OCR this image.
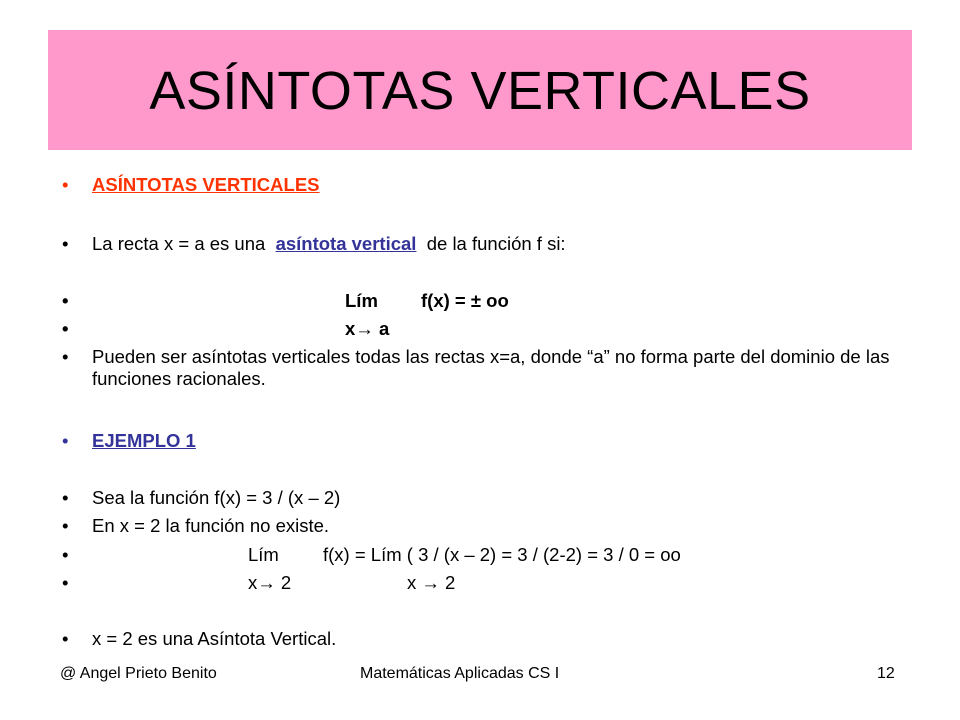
ASÍNTOTAS VERTICALES
• ASÍNTOTAS VERTICALES
• La recta x = a es una asíntota vertical de la función f si:
•	Lím f(x) = ± oo
•	x→ a
• Pueden ser asíntotas verticales todas las rectas x=a, donde “a” no forma parte del dominio de las funciones racionales.
• EJEMPLO 1
• Sea la función f(x) = 3 / (x – 2)
• En x = 2 la función no existe.
•	Lím f(x) = Lím ( 3 / (x – 2) = 3 / (2-2) = 3 / 0 = oo
•	x→ 2	x → 2
• x = 2 es una Asíntota Vertical.
@ Angel Prieto Benito	Matemáticas Aplicadas CS I	12
